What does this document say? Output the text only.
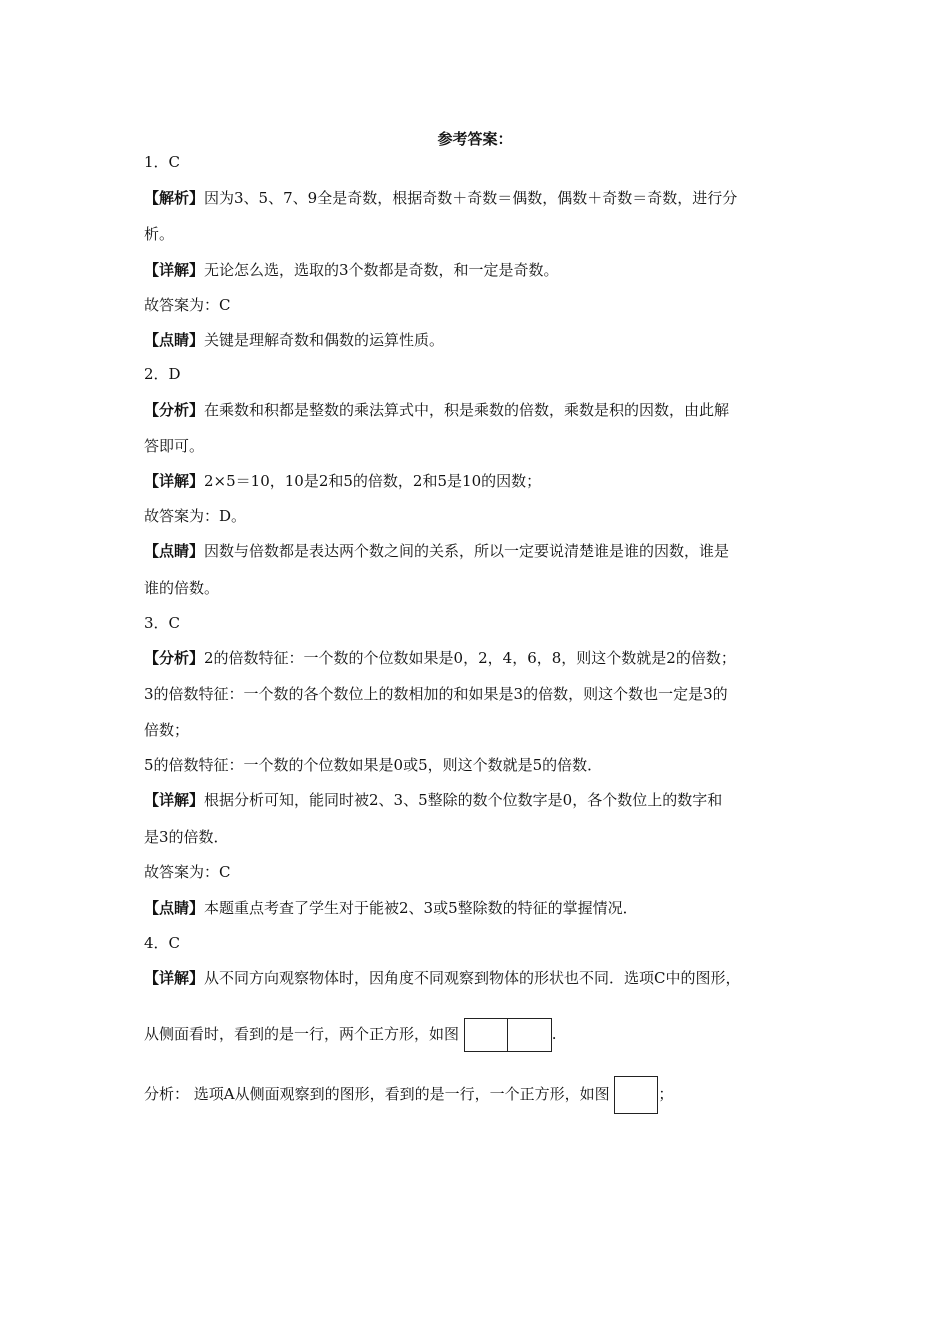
参考答案：
1．C
【解析】因为3、5、7、9全是奇数，根据奇数＋奇数＝偶数，偶数＋奇数＝奇数，进行分
析。
【详解】无论怎么选，选取的3个数都是奇数，和一定是奇数。
故答案为：C
【点睛】关键是理解奇数和偶数的运算性质。
2．D
【分析】在乘数和积都是整数的乘法算式中，积是乘数的倍数，乘数是积的因数，由此解
答即可。
【详解】2×5＝10，10是2和5的倍数，2和5是10的因数；
故答案为：D。
【点睛】因数与倍数都是表达两个数之间的关系，所以一定要说清楚谁是谁的因数，谁是
谁的倍数。
3．C
【分析】2的倍数特征：一个数的个位数如果是0，2，4，6，8，则这个数就是2的倍数；
3的倍数特征：一个数的各个数位上的数相加的和如果是3的倍数，则这个数也一定是3的
倍数；
5的倍数特征：一个数的个位数如果是0或5，则这个数就是5的倍数．
【详解】根据分析可知，能同时被2、3、5整除的数个位数字是0，各个数位上的数字和
是3的倍数．
故答案为：C
【点睛】本题重点考查了学生对于能被2、3或5整除数的特征的掌握情况．
4．C
【详解】从不同方向观察物体时，因角度不同观察到物体的形状也不同．选项C中的图形，
从侧面看时，看到的是一行，两个正方形，如图	.
分析： 选项A从侧面观察到的图形，看到的是一行，一个正方形，如图	；
